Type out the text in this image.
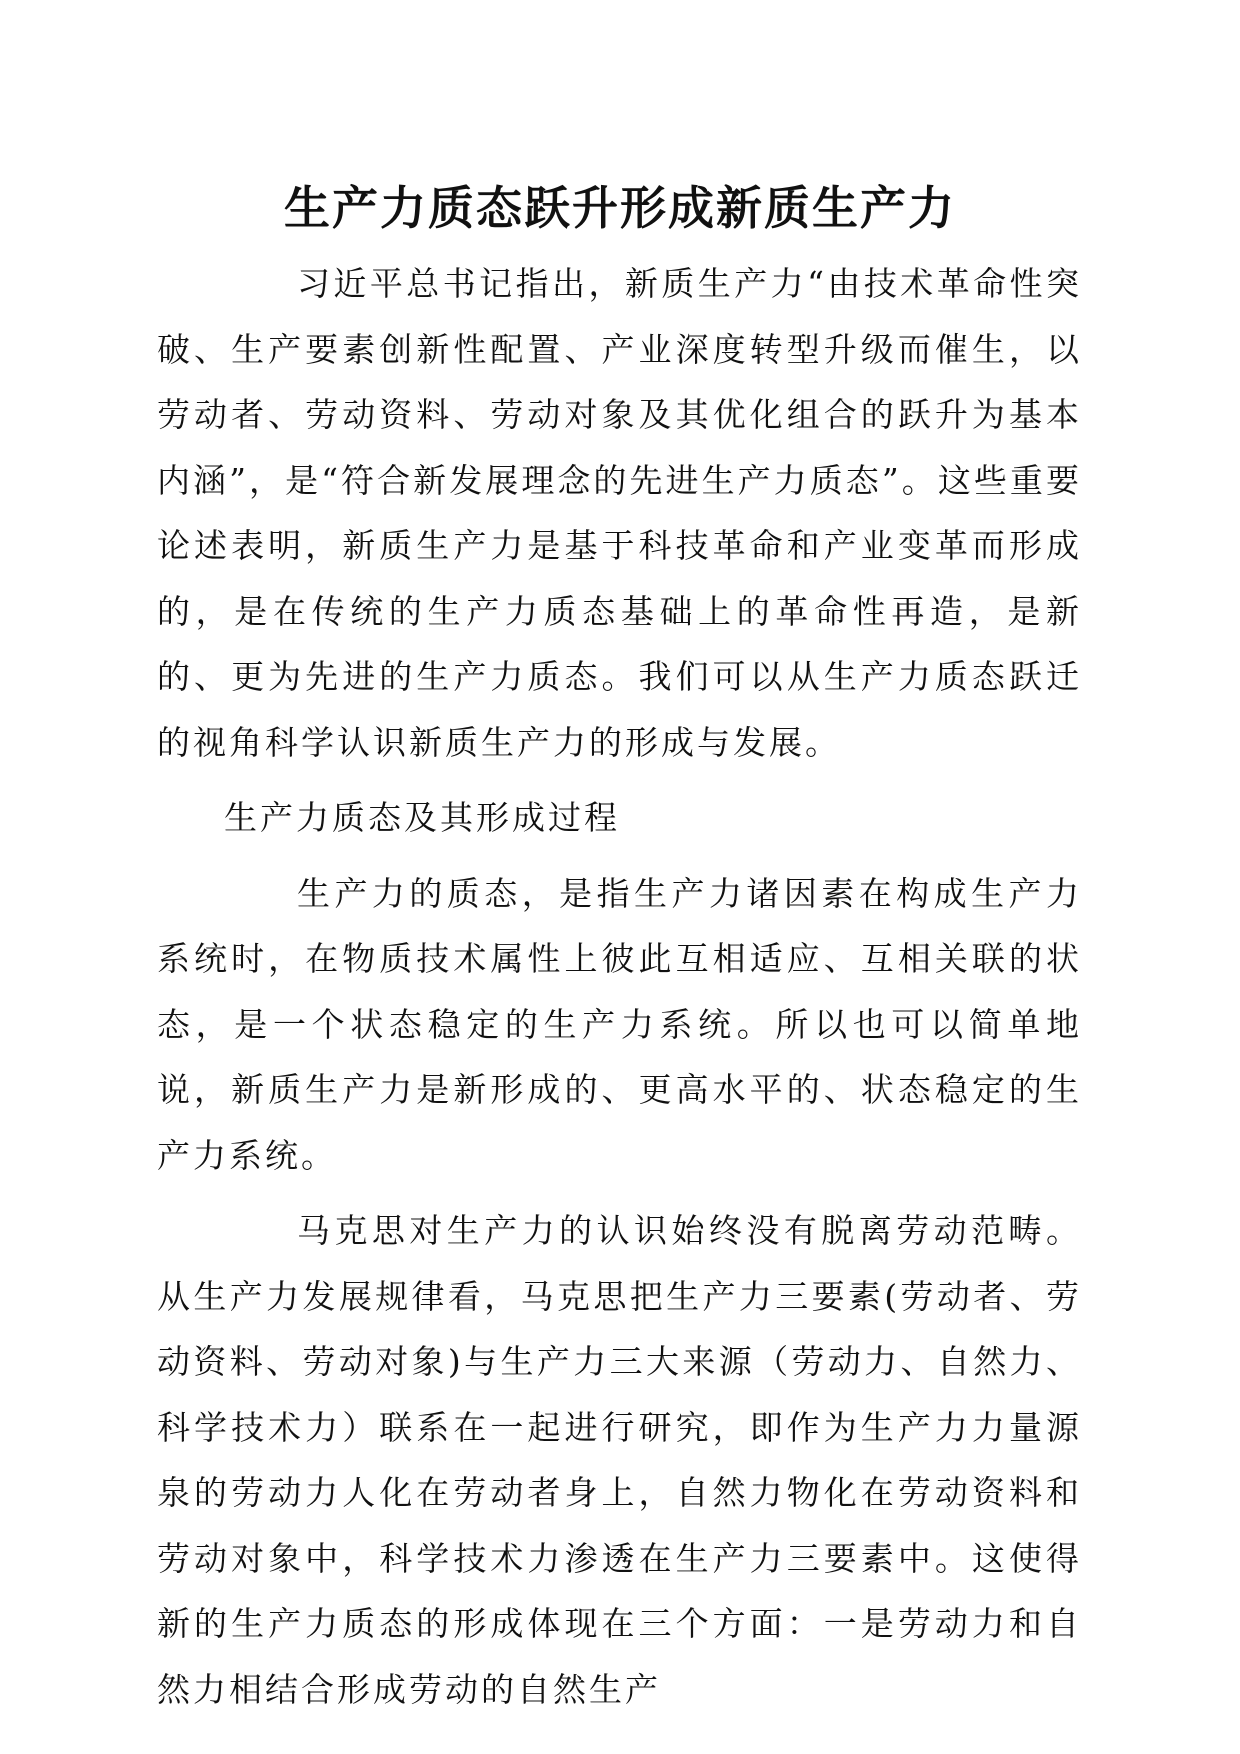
生产力质态跃升形成新质生产力

习近平总书记指出，新质生产力“由技术革命性突破、生产要素创新性配置、产业深度转型升级而催生，以劳动者、劳动资料、劳动对象及其优化组合的跃升为基本内涵”，是“符合新发展理念的先进生产力质态”。这些重要论述表明，新质生产力是基于科技革命和产业变革而形成的，是在传统的生产力质态基础上的革命性再造，是新的、更为先进的生产力质态。我们可以从生产力质态跃迁的视角科学认识新质生产力的形成与发展。

生产力质态及其形成过程

生产力的质态，是指生产力诸因素在构成生产力系统时，在物质技术属性上彼此互相适应、互相关联的状态，是一个状态稳定的生产力系统。所以也可以简单地说，新质生产力是新形成的、更高水平的、状态稳定的生产力系统。

马克思对生产力的认识始终没有脱离劳动范畴。从生产力发展规律看，马克思把生产力三要素(劳动者、劳动资料、劳动对象)与生产力三大来源（劳动力、自然力、科学技术力）联系在一起进行研究，即作为生产力力量源泉的劳动力人化在劳动者身上，自然力物化在劳动资料和劳动对象中，科学技术力渗透在生产力三要素中。这使得新的生产力质态的形成体现在三个方面：一是劳动力和自然力相结合形成劳动的自然生产
